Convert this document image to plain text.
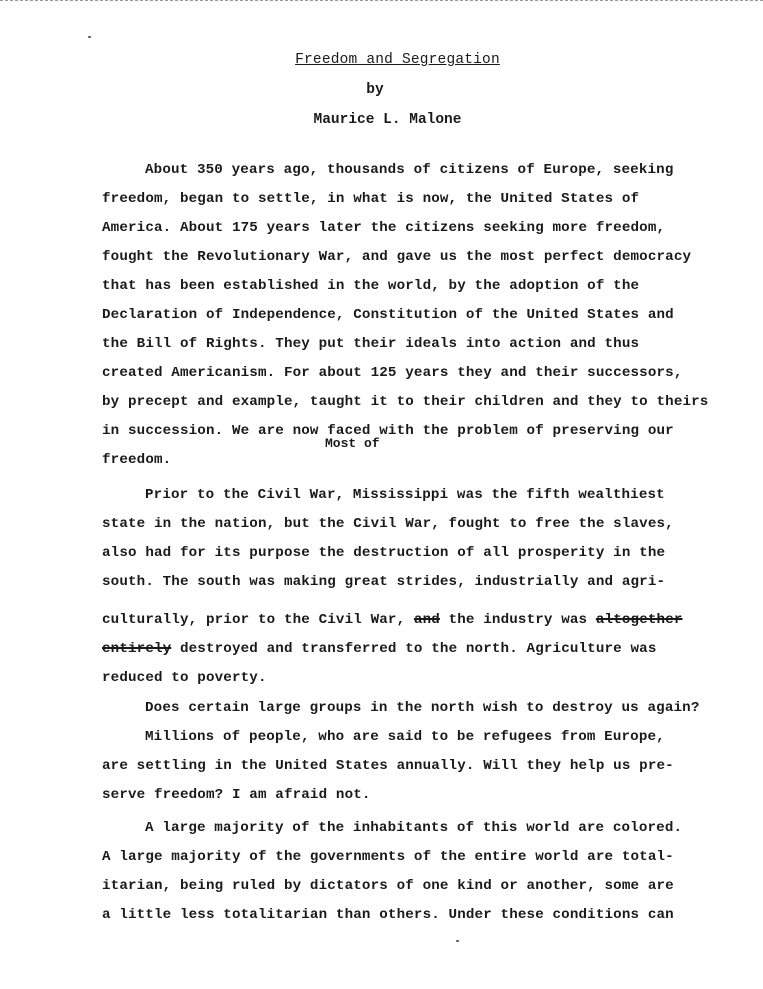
Freedom and Segregation
by
Maurice L. Malone
About 350 years ago, thousands of citizens of Europe, seeking
freedom, began to settle, in what is now, the United States of
America. About 175 years later the citizens seeking more freedom,
fought the Revolutionary War, and gave us the most perfect democracy
that has been established in the world, by the adoption of the
Declaration of Independence, Constitution of the United States and
the Bill of Rights. They put their ideals into action and thus
created Americanism. For about 125 years they and their successors,
by precept and example, taught it to their children and they to theirs
in succession. We are now faced with the problem of preserving our
freedom.
Prior to the Civil War, Mississippi was the fifth wealthiest
state in the nation, but the Civil War, fought to free the slaves,
also had for its purpose the destruction of all prosperity in the
south. The south was making great strides, industrially and agri-
culturally, prior to the Civil War, and the industry was altogether
entirely destroyed and transferred to the north. Agriculture was
reduced to poverty.
Does certain large groups in the north wish to destroy us again?
Millions of people, who are said to be refugees from Europe,
are settling in the United States annually. Will they help us pre-
serve freedom? I am afraid not.
A large majority of the inhabitants of this world are colored.
A large majority of the governments of the entire world are total-
itarian, being ruled by dictators of one kind or another, some are
a little less totalitarian than others. Under these conditions can
Most of
